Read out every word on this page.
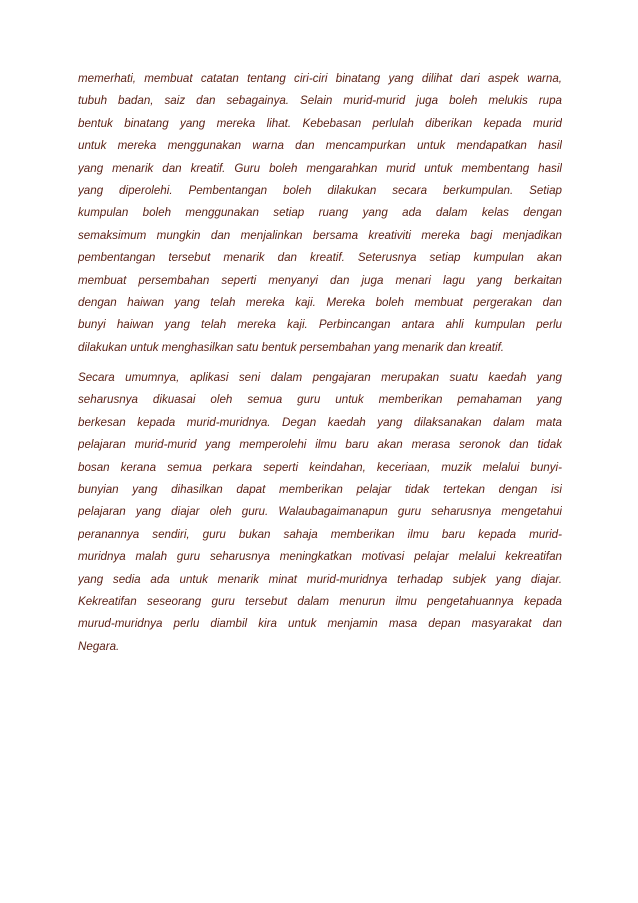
memerhati, membuat catatan tentang ciri-ciri binatang yang dilihat dari aspek warna,
tubuh badan, saiz dan sebagainya. Selain murid-murid juga boleh melukis rupa
bentuk binatang yang mereka lihat. Kebebasan perlulah diberikan kepada murid
untuk mereka menggunakan warna dan mencampurkan untuk mendapatkan hasil
yang menarik dan kreatif. Guru boleh mengarahkan murid untuk membentang hasil
yang diperolehi. Pembentangan boleh dilakukan secara berkumpulan. Setiap
kumpulan boleh menggunakan setiap ruang yang ada dalam kelas dengan
semaksimum mungkin dan menjalinkan bersama kreativiti mereka bagi menjadikan
pembentangan tersebut menarik dan kreatif. Seterusnya setiap kumpulan akan
membuat persembahan seperti menyanyi dan juga menari lagu yang berkaitan
dengan haiwan yang telah mereka kaji. Mereka boleh membuat pergerakan dan
bunyi haiwan yang telah mereka kaji. Perbincangan antara ahli kumpulan perlu
dilakukan untuk menghasilkan satu bentuk persembahan yang menarik dan kreatif.

Secara umumnya, aplikasi seni dalam pengajaran merupakan suatu kaedah yang
seharusnya dikuasai oleh semua guru untuk memberikan pemahaman yang
berkesan kepada murid-muridnya. Degan kaedah yang dilaksanakan dalam mata
pelajaran murid-murid yang memperolehi ilmu baru akan merasa seronok dan tidak
bosan kerana semua perkara seperti keindahan, keceriaan, muzik melalui bunyi-
bunyian yang dihasilkan dapat memberikan pelajar tidak tertekan dengan isi
pelajaran yang diajar oleh guru. Walaubagaimanapun guru seharusnya mengetahui
peranannya sendiri, guru bukan sahaja memberikan ilmu baru kepada murid-
muridnya malah guru seharusnya meningkatkan motivasi pelajar melalui kekreatifan
yang sedia ada untuk menarik minat murid-muridnya terhadap subjek yang diajar.
Kekreatifan seseorang guru tersebut dalam menurun ilmu pengetahuannya kepada
murud-muridnya perlu diambil kira untuk menjamin masa depan masyarakat dan
Negara.
